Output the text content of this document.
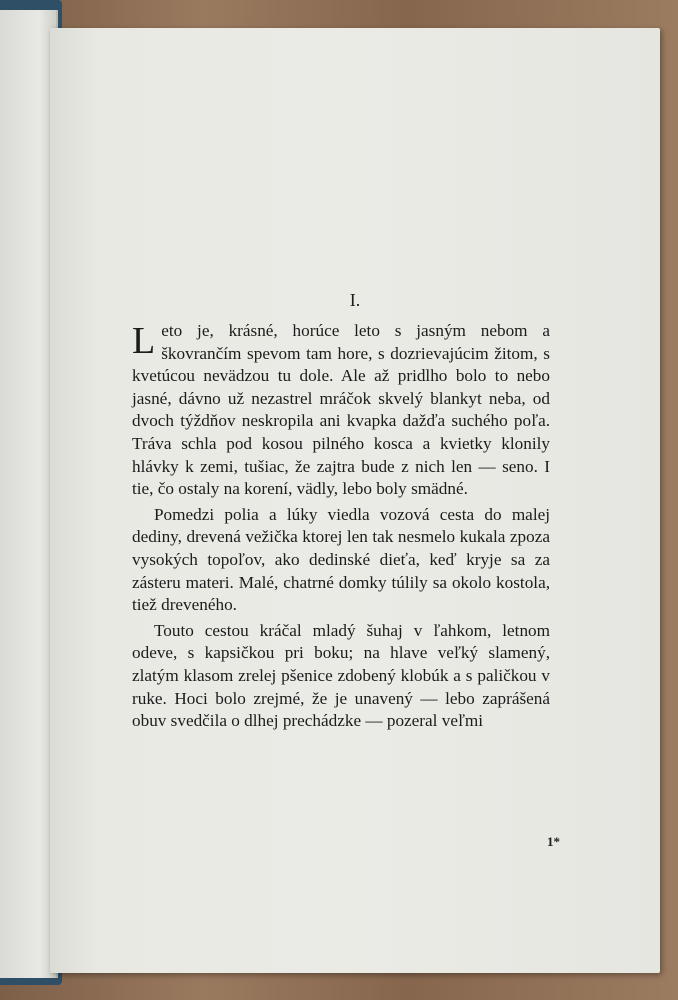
I.

Leto je, krásné, horúce leto s jasným nebom a škovrančím spevom tam hore, s dozrievajúcim žitom, s kvetúcou nevädzou tu dole. Ale až pridlho bolo to nebo jasné, dávno už nezastrel mráčok skvelý blankyt neba, od dvoch týždňov neskropila ani kvapka dažďa suchého poľa. Tráva schla pod kosou pilného kosca a kvietky klonily hlávky k zemi, tušiac, že zajtra bude z nich len — seno. I tie, čo ostaly na korení, vädly, lebo boly smädné.

Pomedzi polia a lúky viedla vozová cesta do malej dediny, drevená vežička ktorej len tak nesmelo kukala zpoza vysokých topoľov, ako dedinské dieťa, keď kryje sa za zásteru materi. Malé, chatrné domky túlily sa okolo kostola, tiež dreveného.

Touto cestou kráčal mladý šuhaj v ľahkom, letnom odeve, s kapsičkou pri boku; na hlave veľký slamený, zlatým klasom zrelej pšenice zdobený klobúk a s paličkou v ruke. Hoci bolo zrejmé, že je unavený — lebo zaprášená obuv svedčila o dlhej prechádzke — pozeral veľmi

1*
